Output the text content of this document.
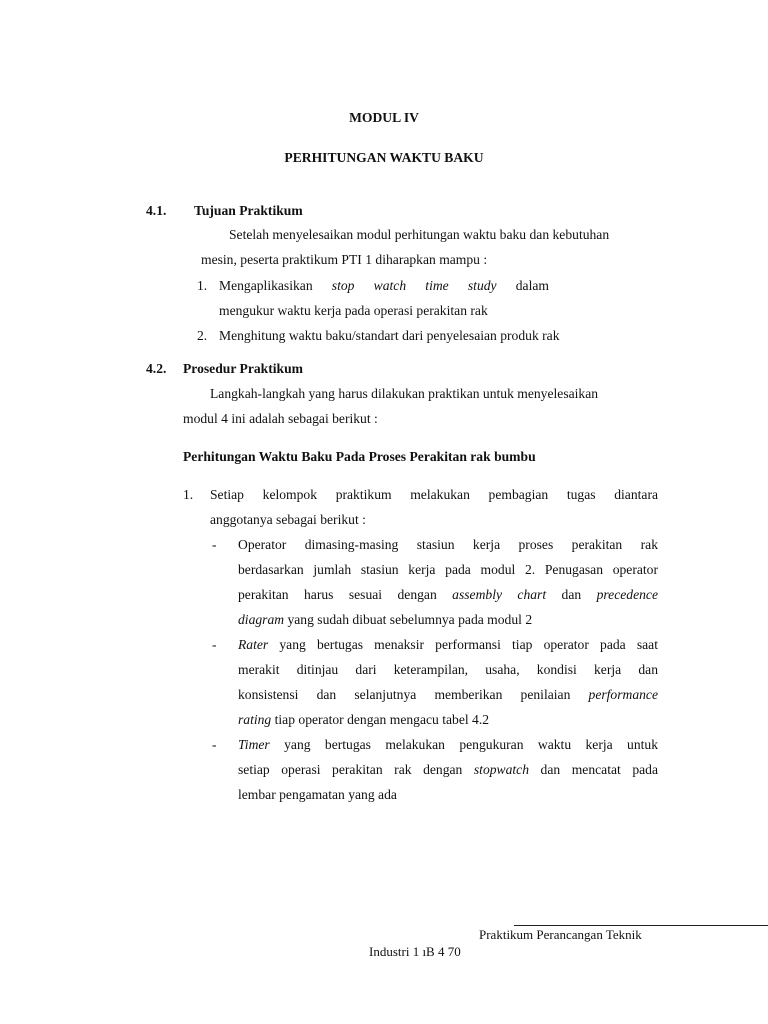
MODUL IV
PERHITUNGAN WAKTU BAKU
4.1. Tujuan Praktikum
Setelah menyelesaikan modul perhitungan waktu baku dan kebutuhan
mesin, peserta praktikum PTI 1 diharapkan mampu :
1. Mengaplikasikan stop watch time study dalam
mengukur waktu kerja pada operasi perakitan rak
2. Menghitung waktu baku/standart dari penyelesaian produk rak
4.2. Prosedur Praktikum
Langkah-langkah yang harus dilakukan praktikan untuk menyelesaikan
modul 4 ini adalah sebagai berikut :
Perhitungan Waktu Baku Pada Proses Perakitan rak bumbu
1. Setiap kelompok praktikum melakukan pembagian tugas diantara
anggotanya sebagai berikut :
- Operator dimasing-masing stasiun kerja proses perakitan rak
berdasarkan jumlah stasiun kerja pada modul 2. Penugasan operator
perakitan harus sesuai dengan assembly chart dan precedence
diagram yang sudah dibuat sebelumnya pada modul 2
- Rater yang bertugas menaksir performansi tiap operator pada saat
merakit ditinjau dari keterampilan, usaha, kondisi kerja dan
konsistensi dan selanjutnya memberikan penilaian performance
rating tiap operator dengan mengacu tabel 4.2
- Timer yang bertugas melakukan pengukuran waktu kerja untuk
setiap operasi perakitan rak dengan stopwatch dan mencatat pada
lembar pengamatan yang ada
Praktikum Perancangan Teknik
Industri 1 ıB 4 70
